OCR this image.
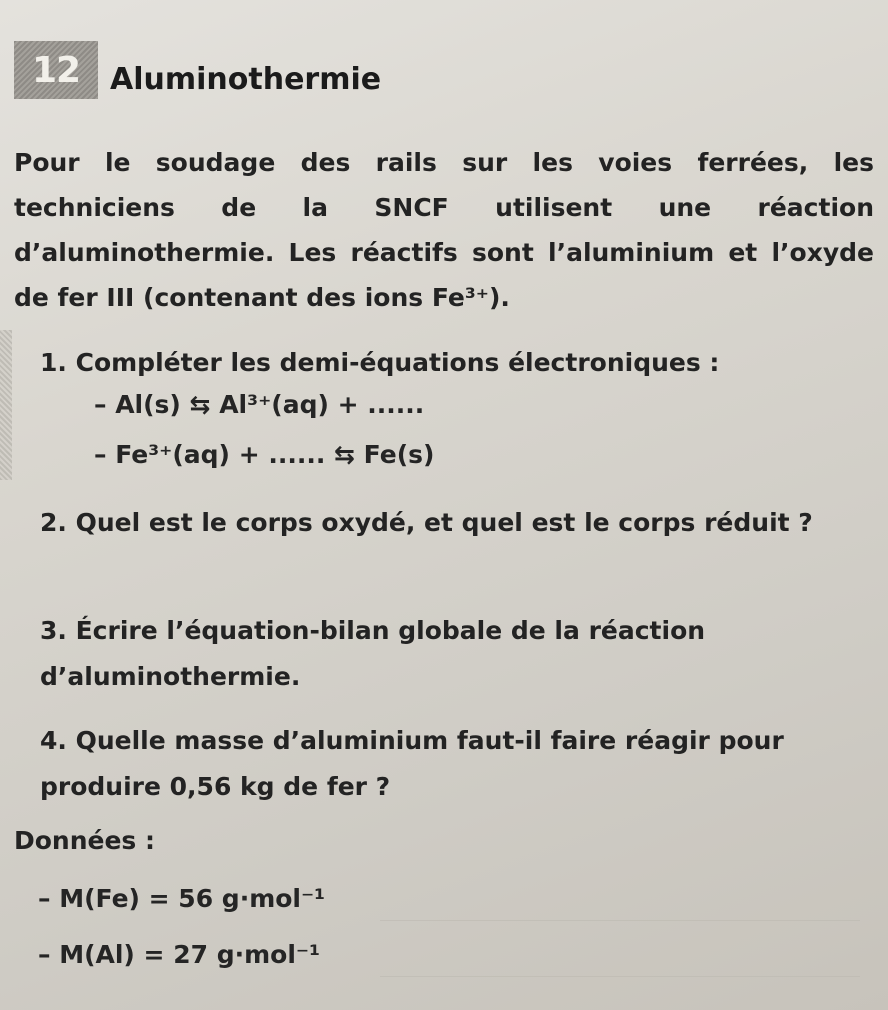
12 Aluminothermie
Pour le soudage des rails sur les voies ferrées, les techniciens de la SNCF utilisent une réaction d’aluminothermie. Les réactifs sont l’aluminium et l’oxyde de fer III (contenant des ions Fe³⁺).
1. Compléter les demi-équations électroniques :
– Al(s) ⇆ Al³⁺(aq) + ......
– Fe³⁺(aq) + ...... ⇆ Fe(s)
2. Quel est le corps oxydé, et quel est le corps réduit ?
3. Écrire l’équation-bilan globale de la réaction d’aluminothermie.
4. Quelle masse d’aluminium faut-il faire réagir pour produire 0,56 kg de fer ?
Données :
– M(Fe) = 56 g·mol⁻¹
– M(Al) = 27 g·mol⁻¹
